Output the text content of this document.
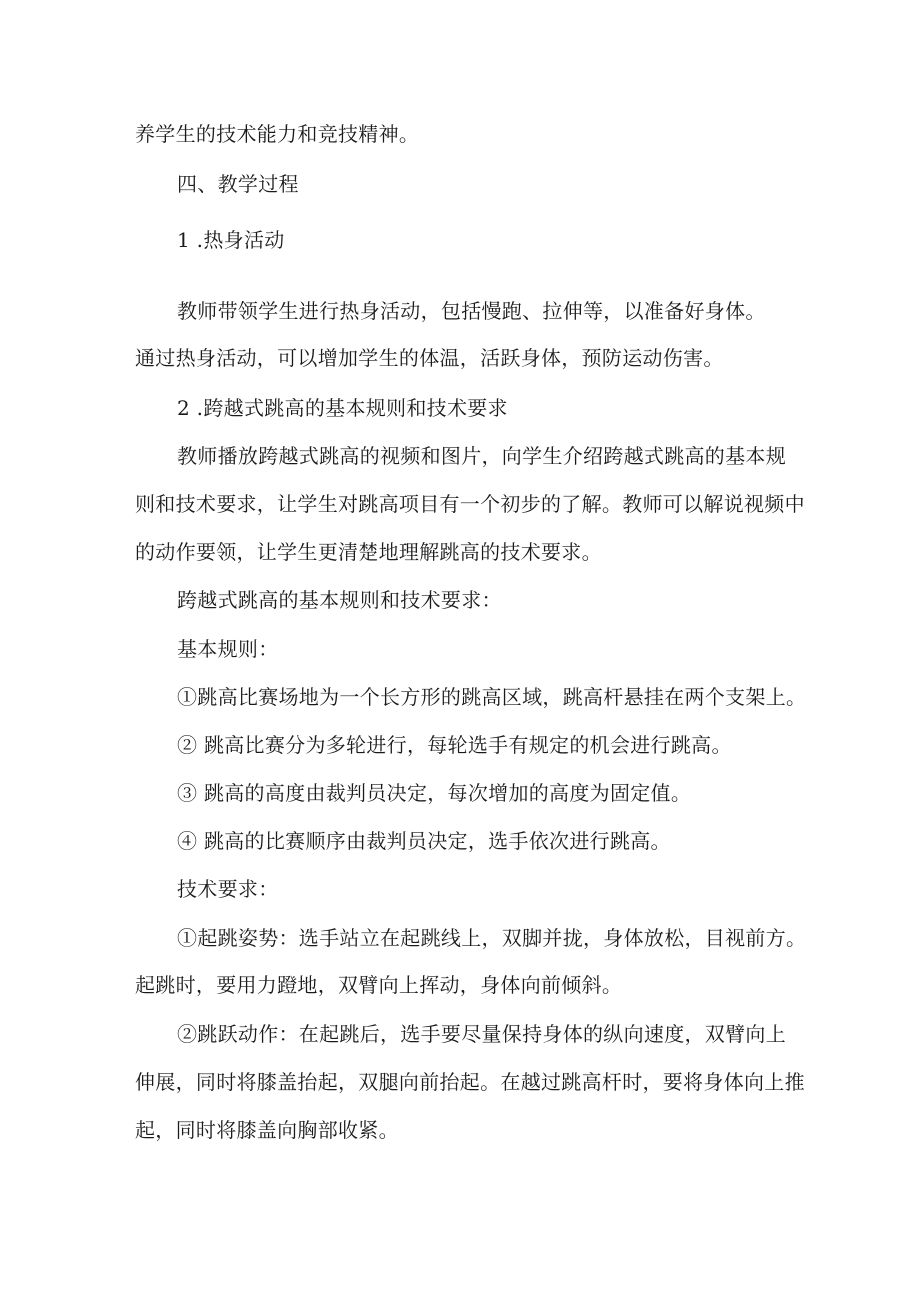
养学生的技术能力和竞技精神。
四、教学过程
1 .热身活动
教师带领学生进行热身活动，包括慢跑、拉伸等，以准备好身体。
通过热身活动，可以增加学生的体温，活跃身体，预防运动伤害。
2 .跨越式跳高的基本规则和技术要求
教师播放跨越式跳高的视频和图片，向学生介绍跨越式跳高的基本规
则和技术要求，让学生对跳高项目有一个初步的了解。教师可以解说视频中
的动作要领，让学生更清楚地理解跳高的技术要求。
跨越式跳高的基本规则和技术要求：
基本规则：
①跳高比赛场地为一个长方形的跳高区域，跳高杆悬挂在两个支架上。
② 跳高比赛分为多轮进行，每轮选手有规定的机会进行跳高。
③ 跳高的高度由裁判员决定，每次增加的高度为固定值。
④ 跳高的比赛顺序由裁判员决定，选手依次进行跳高。
技术要求：
①起跳姿势：选手站立在起跳线上，双脚并拢，身体放松，目视前方。
起跳时，要用力蹬地，双臂向上挥动，身体向前倾斜。
②跳跃动作：在起跳后，选手要尽量保持身体的纵向速度，双臂向上
伸展，同时将膝盖抬起，双腿向前抬起。在越过跳高杆时，要将身体向上推
起，同时将膝盖向胸部收紧。
